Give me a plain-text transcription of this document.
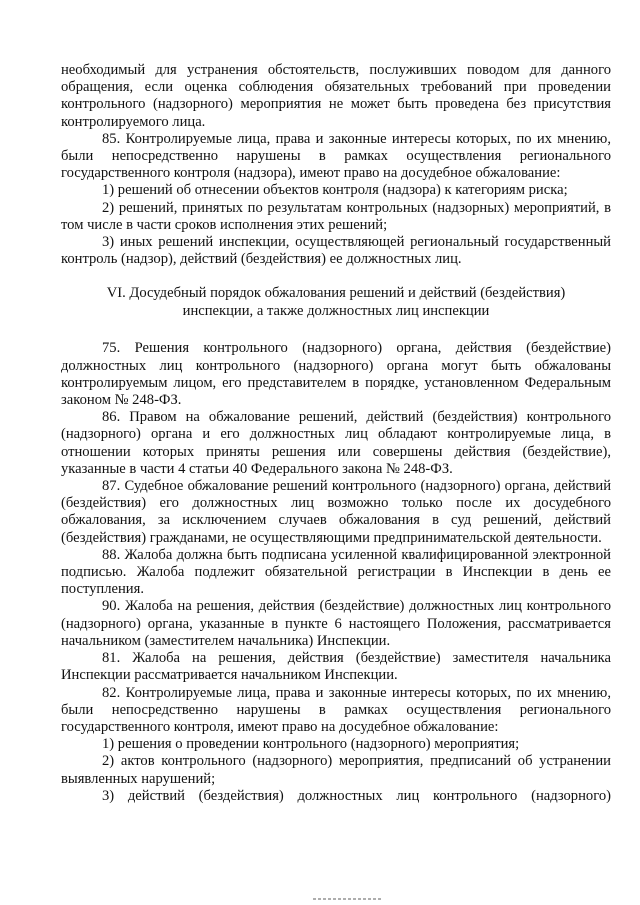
необходимый для устранения обстоятельств, послуживших поводом для данного обращения, если оценка соблюдения обязательных требований при проведении контрольного (надзорного) мероприятия не может быть проведена без присутствия контролируемого лица.

85. Контролируемые лица, права и законные интересы которых, по их мнению, были непосредственно нарушены в рамках осуществления регионального государственного контроля (надзора), имеют право на досудебное обжалование:

1) решений об отнесении объектов контроля (надзора) к категориям риска;

2) решений, принятых по результатам контрольных (надзорных) мероприятий, в том числе в части сроков исполнения этих решений;

3) иных решений инспекции, осуществляющей региональный государственный контроль (надзор), действий (бездействия) ее должностных лиц.

VI. Досудебный порядок обжалования решений и действий (бездействия)

инспекции, а также должностных лиц инспекции

75. Решения контрольного (надзорного) органа, действия (бездействие) должностных лиц контрольного (надзорного) органа могут быть обжалованы контролируемым лицом, его представителем в порядке, установленном Федеральным законом № 248-ФЗ.

86. Правом на обжалование решений, действий (бездействия) контрольного (надзорного) органа и его должностных лиц обладают контролируемые лица, в отношении которых приняты решения или совершены действия (бездействие), указанные в части 4 статьи 40 Федерального закона № 248-ФЗ.

87. Судебное обжалование решений контрольного (надзорного) органа, действий (бездействия) его должностных лиц возможно только после их досудебного обжалования, за исключением случаев обжалования в суд решений, действий (бездействия) гражданами, не осуществляющими предпринимательской деятельности.

88. Жалоба должна быть подписана усиленной квалифицированной электронной подписью. Жалоба подлежит обязательной регистрации в Инспекции в день ее поступления.

90. Жалоба на решения, действия (бездействие) должностных лиц контрольного (надзорного) органа, указанные в пункте 6 настоящего Положения, рассматривается начальником (заместителем начальника) Инспекции.

81. Жалоба на решения, действия (бездействие) заместителя начальника Инспекции рассматривается начальником Инспекции.

82. Контролируемые лица, права и законные интересы которых, по их мнению, были непосредственно нарушены в рамках осуществления регионального государственного контроля, имеют право на досудебное обжалование:

1) решения о проведении контрольного (надзорного) мероприятия;

2) актов контрольного (надзорного) мероприятия, предписаний об устранении выявленных нарушений;

3) действий (бездействия) должностных лиц контрольного (надзорного)
